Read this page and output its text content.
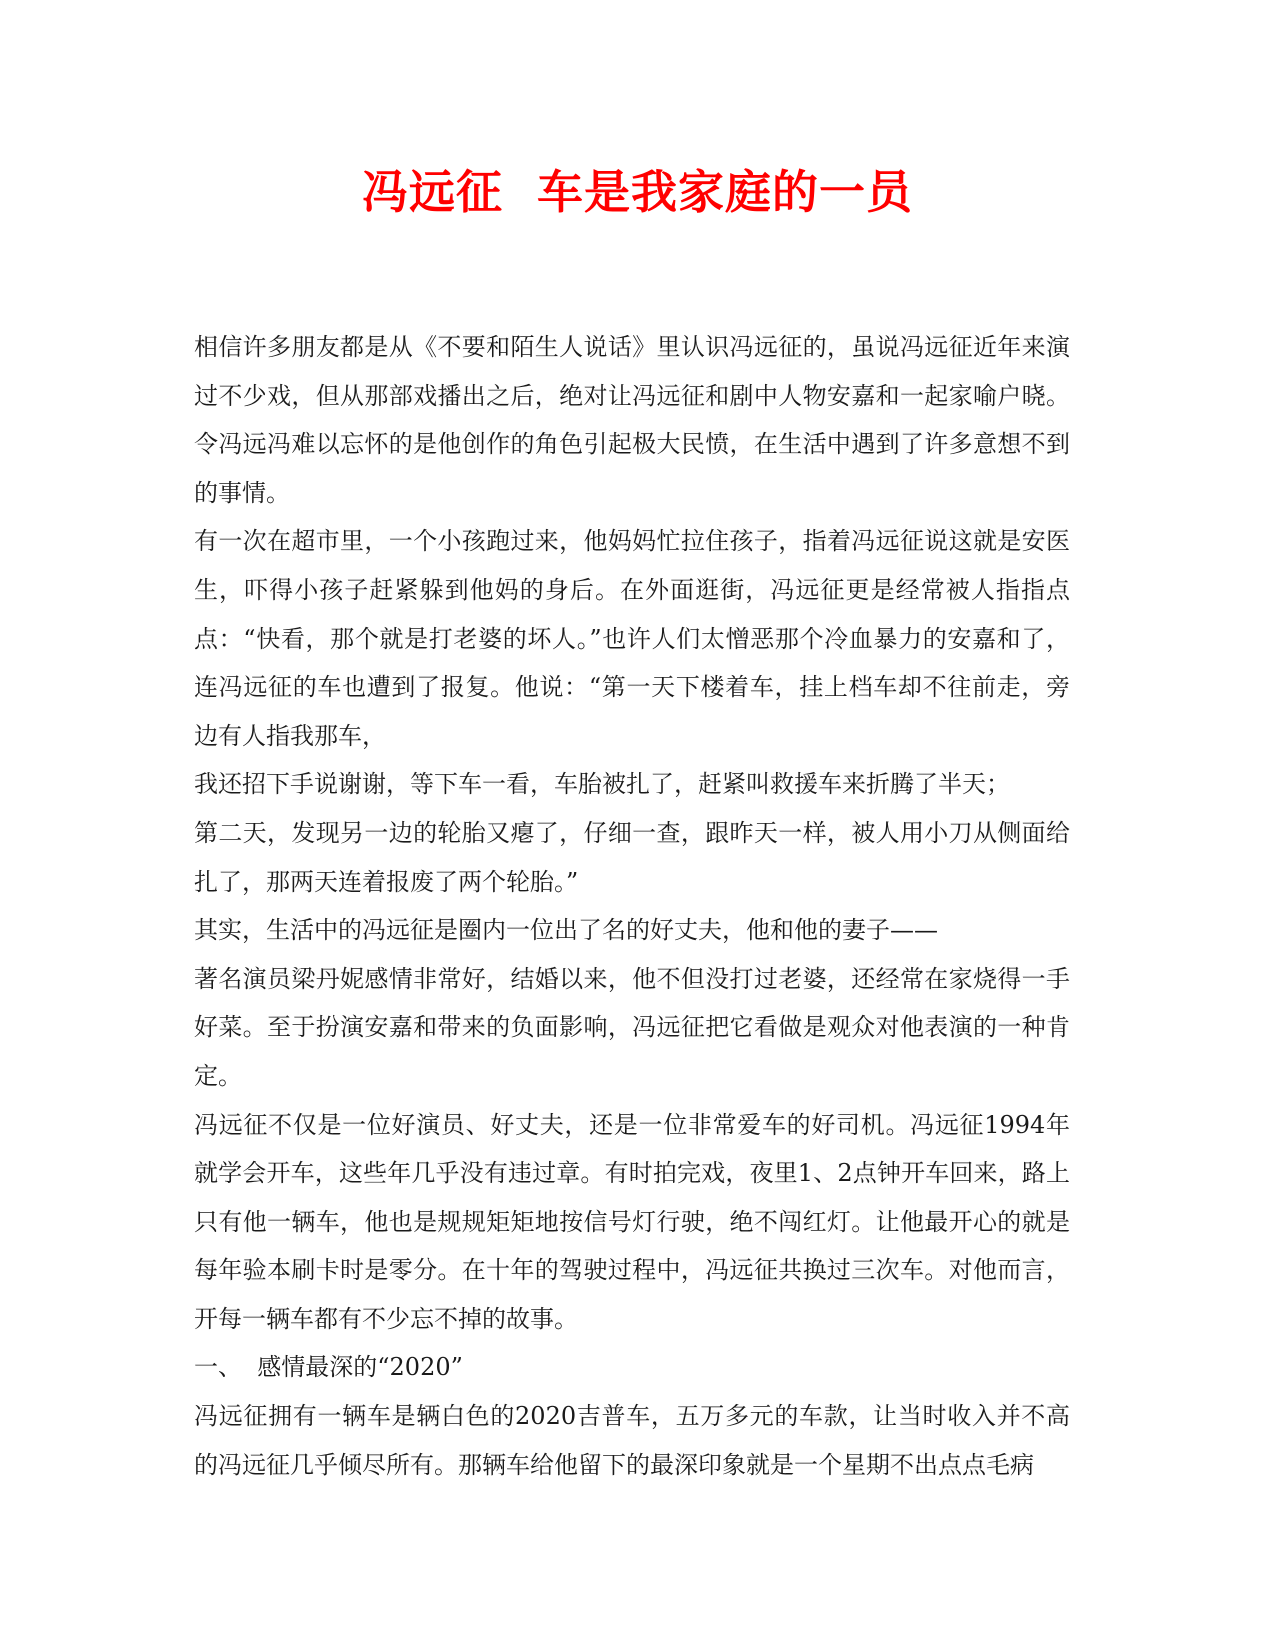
冯远征  车是我家庭的一员

相信许多朋友都是从《不要和陌生人说话》里认识冯远征的，虽说冯远征近年来演过不少戏，但从那部戏播出之后，绝对让冯远征和剧中人物安嘉和一起家喻户晓。令冯远冯难以忘怀的是他创作的角色引起极大民愤，在生活中遇到了许多意想不到的事情。

有一次在超市里，一个小孩跑过来，他妈妈忙拉住孩子，指着冯远征说这就是安医生，吓得小孩子赶紧躲到他妈的身后。在外面逛街，冯远征更是经常被人指指点点：“快看，那个就是打老婆的坏人。”也许人们太憎恶那个冷血暴力的安嘉和了，连冯远征的车也遭到了报复。他说：“第一天下楼着车，挂上档车却不往前走，旁边有人指我那车，

我还招下手说谢谢，等下车一看，车胎被扎了，赶紧叫救援车来折腾了半天；

第二天，发现另一边的轮胎又瘪了，仔细一查，跟昨天一样，被人用小刀从侧面给扎了，那两天连着报废了两个轮胎。”

其实，生活中的冯远征是圈内一位出了名的好丈夫，他和他的妻子——

著名演员梁丹妮感情非常好，结婚以来，他不但没打过老婆，还经常在家烧得一手好菜。至于扮演安嘉和带来的负面影响，冯远征把它看做是观众对他表演的一种肯定。

冯远征不仅是一位好演员、好丈夫，还是一位非常爱车的好司机。冯远征1994年就学会开车，这些年几乎没有违过章。有时拍完戏，夜里1、2点钟开车回来，路上只有他一辆车，他也是规规矩矩地按信号灯行驶，绝不闯红灯。让他最开心的就是每年验本刷卡时是零分。在十年的驾驶过程中，冯远征共换过三次车。对他而言，开每一辆车都有不少忘不掉的故事。

一、  感情最深的“2020”

冯远征拥有一辆车是辆白色的2020吉普车，五万多元的车款，让当时收入并不高的冯远征几乎倾尽所有。那辆车给他留下的最深印象就是一个星期不出点点毛病
